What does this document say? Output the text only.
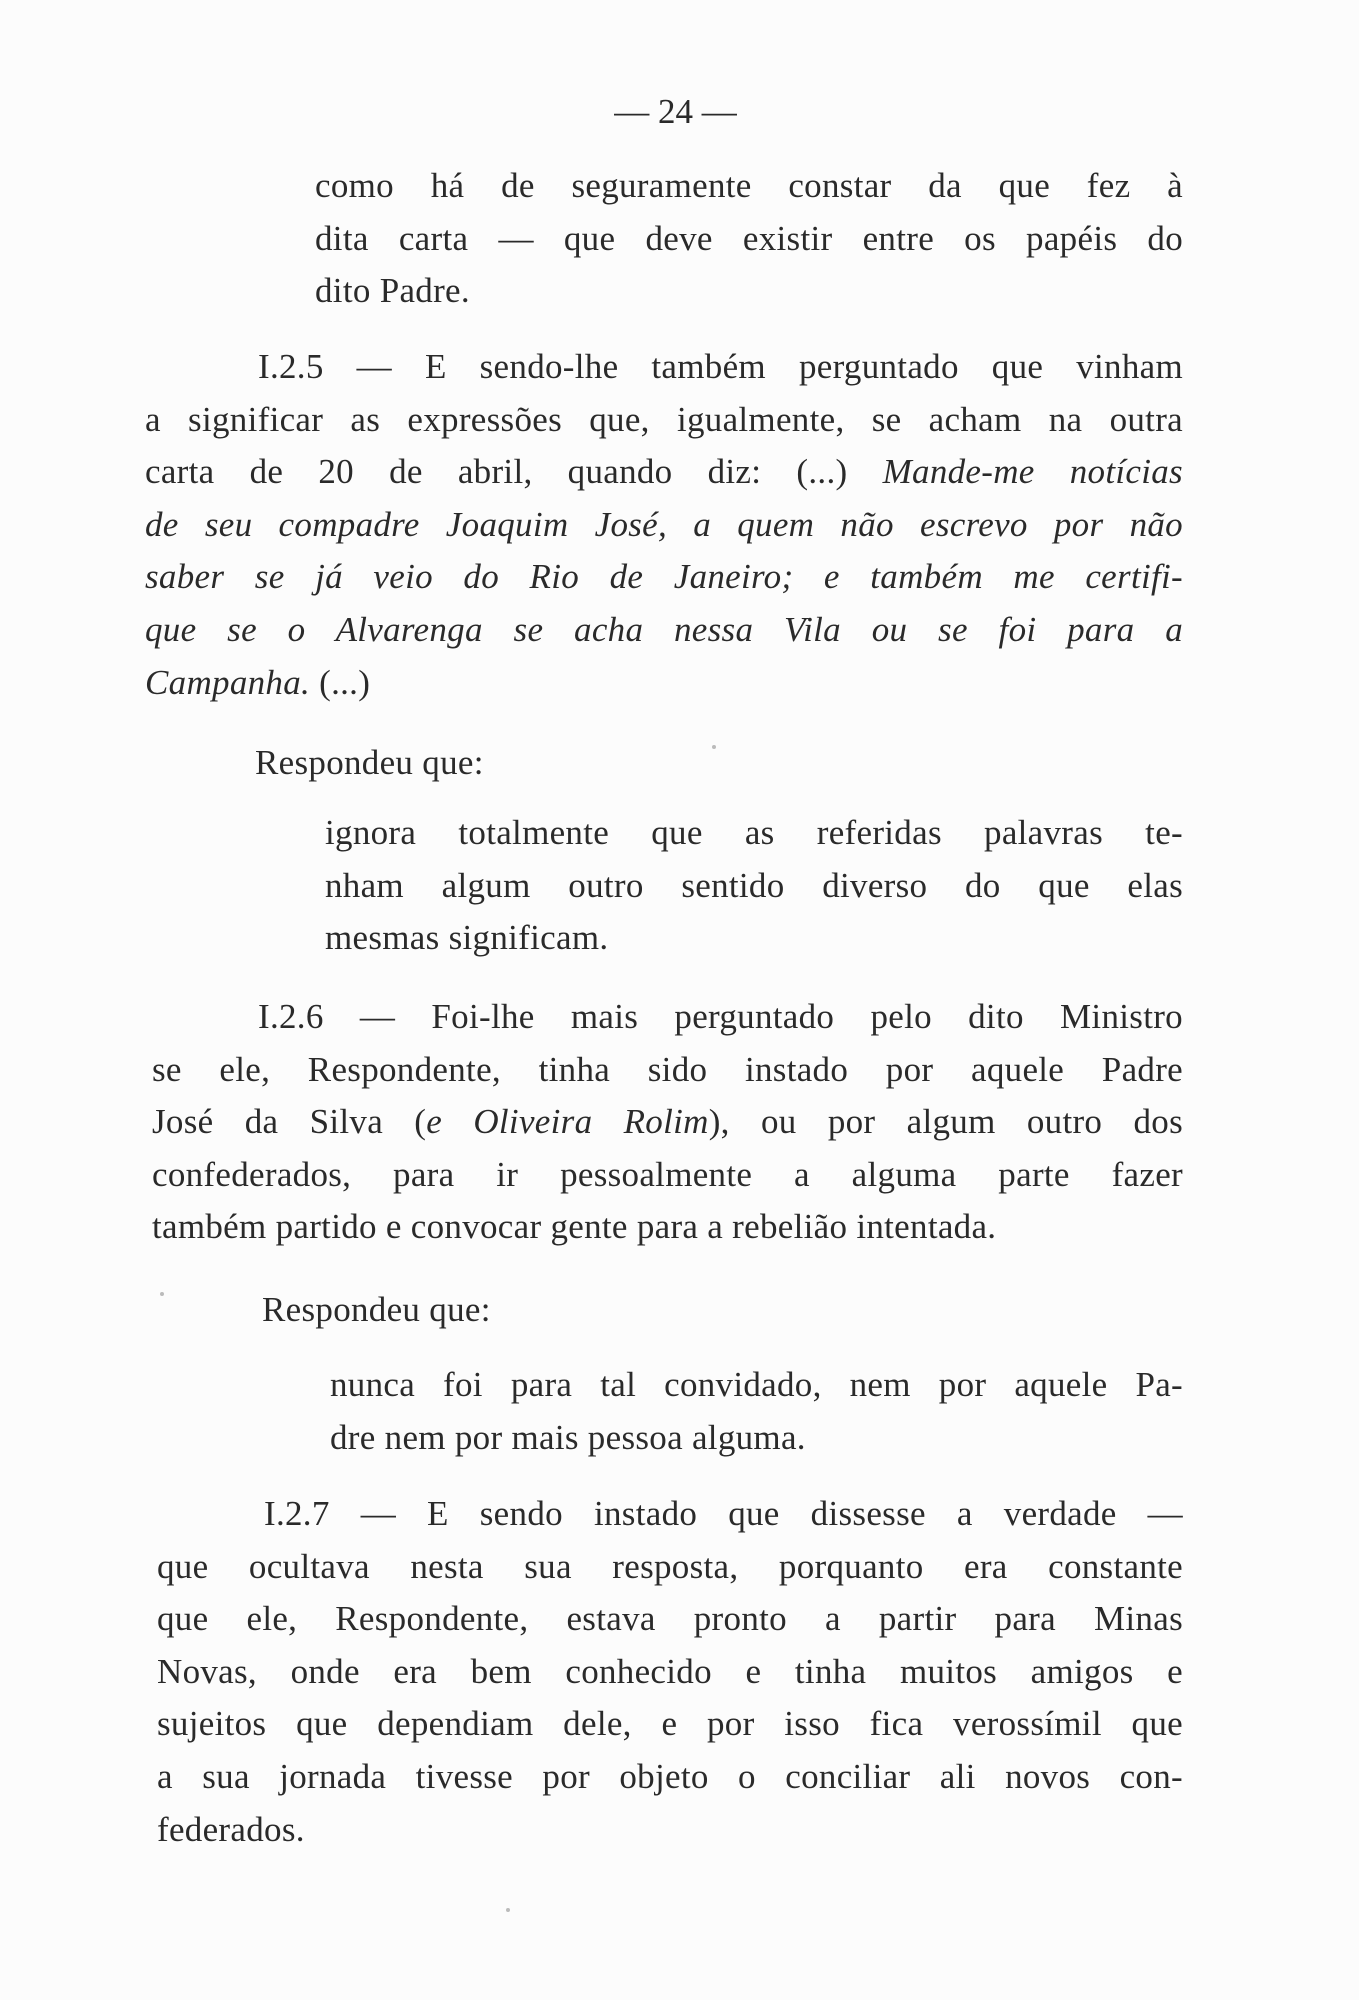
— 24 —
como há de seguramente constar da que fez à
dita carta — que deve existir entre os papéis do
dito Padre.
I.2.5 — E sendo-lhe também perguntado que vinham
a significar as expressões que, igualmente, se acham na outra
carta de 20 de abril, quando diz: (...) Mande-me notícias
de seu compadre Joaquim José, a quem não escrevo por não
saber se já veio do Rio de Janeiro; e também me certifi-
que se o Alvarenga se acha nessa Vila ou se foi para a
Campanha. (...)
Respondeu que:
ignora totalmente que as referidas palavras te-
nham algum outro sentido diverso do que elas
mesmas significam.
I.2.6 — Foi-lhe mais perguntado pelo dito Ministro
se ele, Respondente, tinha sido instado por aquele Padre
José da Silva (e Oliveira Rolim), ou por algum outro dos
confederados, para ir pessoalmente a alguma parte fazer
também partido e convocar gente para a rebelião intentada.
Respondeu que:
nunca foi para tal convidado, nem por aquele Pa-
dre nem por mais pessoa alguma.
I.2.7 — E sendo instado que dissesse a verdade —
que ocultava nesta sua resposta, porquanto era constante
que ele, Respondente, estava pronto a partir para Minas
Novas, onde era bem conhecido e tinha muitos amigos e
sujeitos que dependiam dele, e por isso fica verossímil que
a sua jornada tivesse por objeto o conciliar ali novos con-
federados.
